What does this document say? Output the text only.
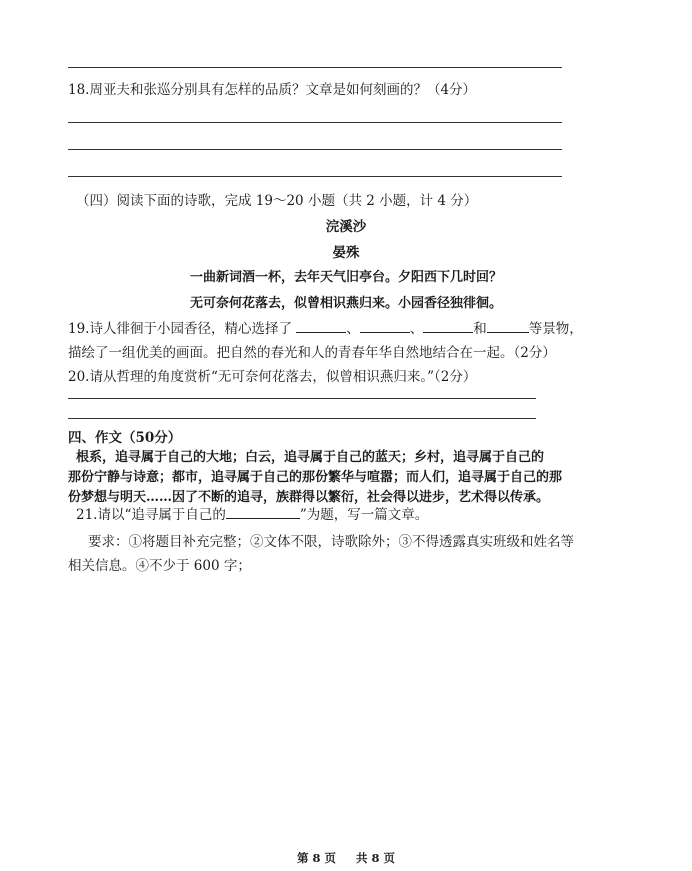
18.周亚夫和张巡分别具有怎样的品质？文章是如何刻画的？（4分）
（四）阅读下面的诗歌，完成 19～20 小题（共 2 小题，计 4 分）
浣溪沙
晏殊
一曲新词酒一杯，去年天气旧亭台。夕阳西下几时回？
无可奈何花落去，似曾相识燕归来。小园香径独徘徊。
19.诗人徘徊于小园香径，精心选择了	、	、	和	等景物，
描绘了一组优美的画面。把自然的春光和人的青春年华自然地结合在一起。（2分）
20.请从哲理的角度赏析“无可奈何花落去，似曾相识燕归来。”（2分）
四、作文（50分）
根系，追寻属于自己的大地；白云，追寻属于自己的蓝天；乡村，追寻属于自己的
那份宁静与诗意；都市，追寻属于自己的那份繁华与喧嚣；而人们，追寻属于自己的那
份梦想与明天……因了不断的追寻，族群得以繁衍，社会得以进步，艺术得以传承。
21.请以“追寻属于自己的	”为题，写一篇文章。
要求：①将题目补充完整；②文体不限，诗歌除外；③不得透露真实班级和姓名等
相关信息。④不少于 600 字；
第 8 页 共 8 页
